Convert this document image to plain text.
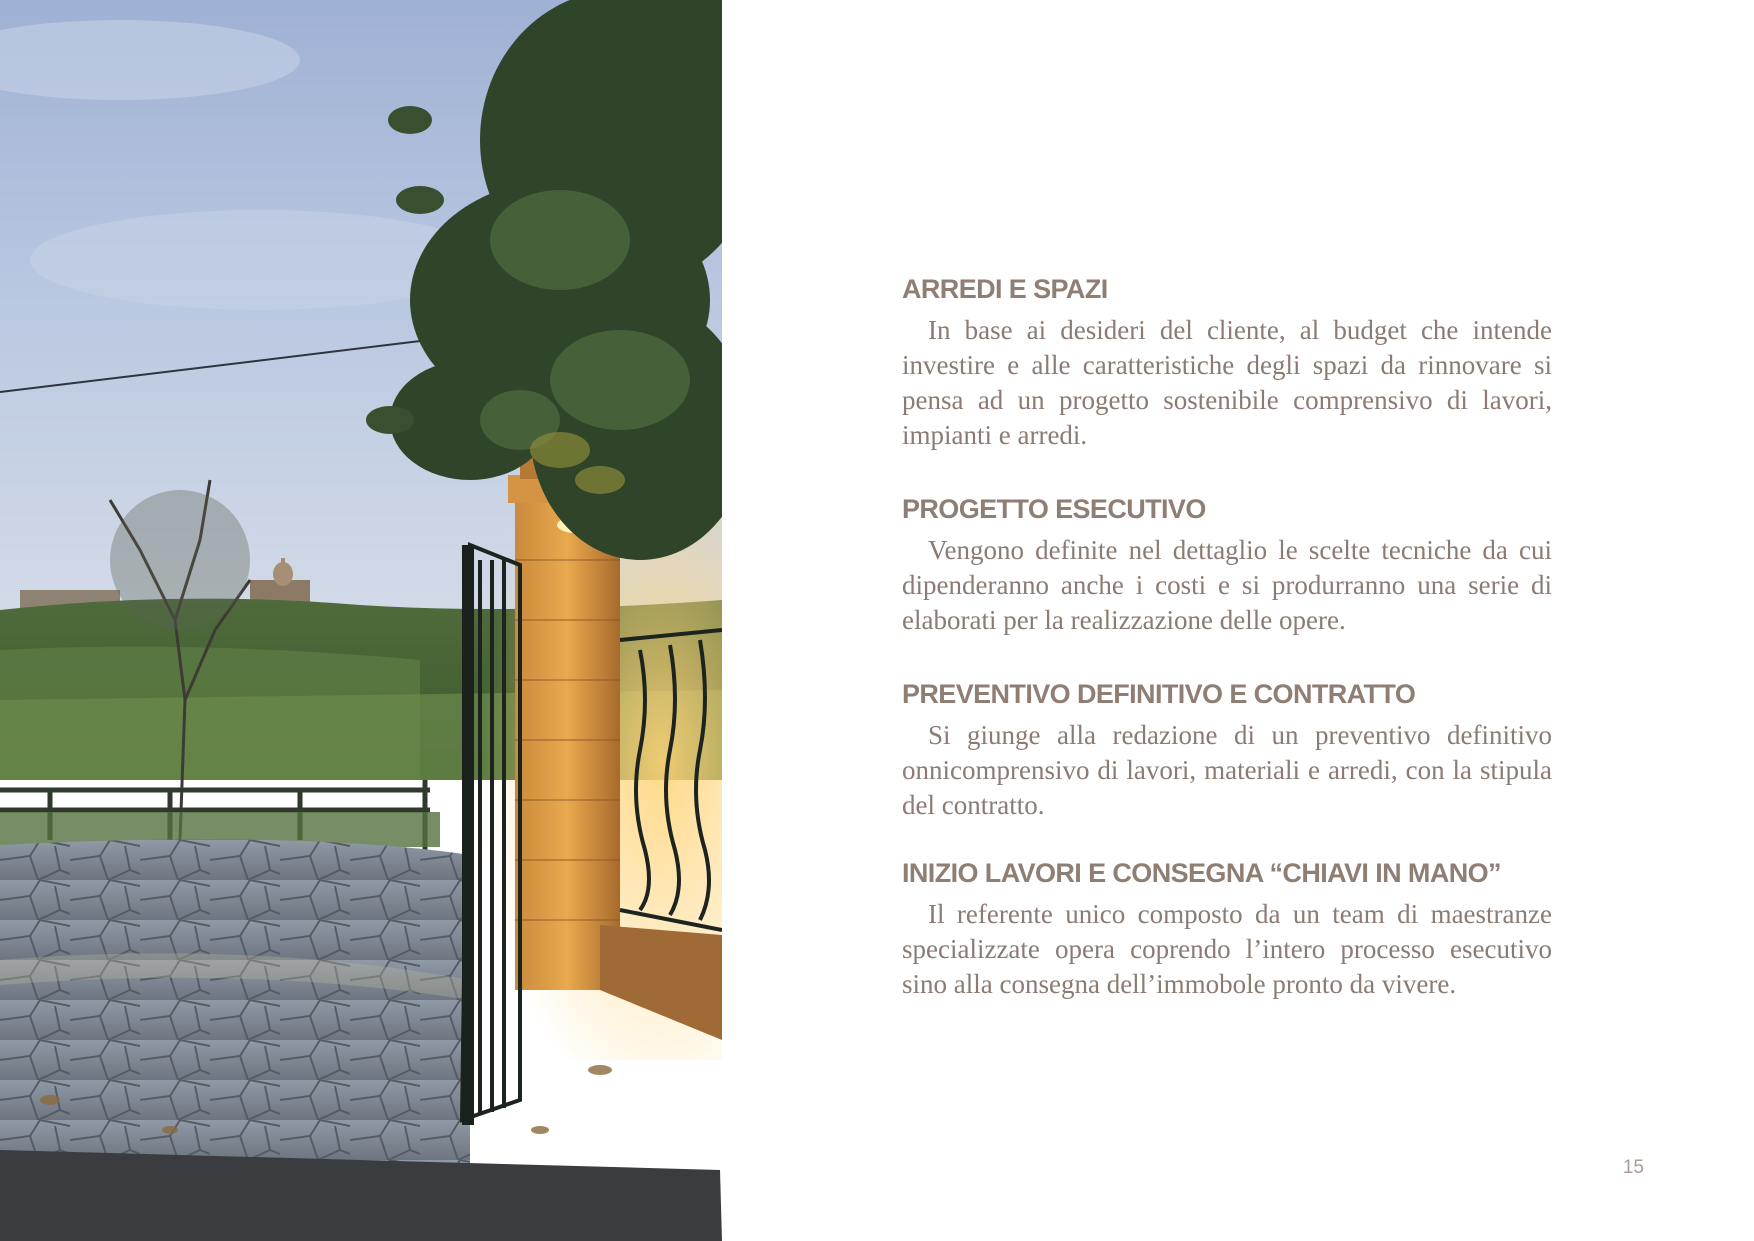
ARREDI E SPAZI

In base ai desideri del cliente, al budget che intende investire e alle caratteristiche degli spazi da rinnovare si pensa ad un progetto sostenibile comprensivo di lavori, impianti e arredi.

PROGETTO ESECUTIVO

Vengono definite nel dettaglio le scelte tecniche da cui dipenderanno anche i costi e si produrranno una serie di elaborati per la realizzazione delle opere.

PREVENTIVO DEFINITIVO E CONTRATTO

Si giunge alla redazione di un preventivo definitivo onnicomprensivo di lavori, materiali e arredi, con la stipula del contratto.

INIZIO LAVORI E CONSEGNA “CHIAVI IN MANO”

Il referente unico composto da un team di maestranze specializzate opera coprendo l’intero processo esecutivo sino alla consegna dell’immobole pronto da vivere.

15
